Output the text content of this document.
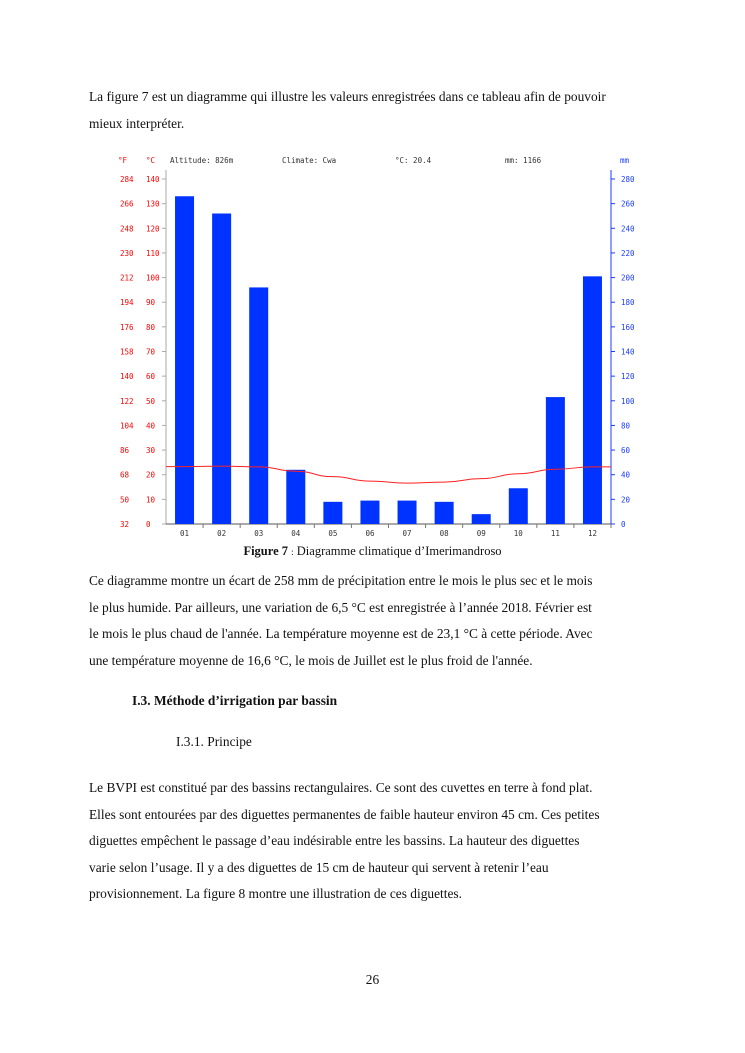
La figure 7 est un diagramme qui illustre les valeurs enregistrées dans ce tableau afin de pouvoir
mieux interpréter.
°F	°C	mm
Altitude: 826m	Climate: Cwa	°C: 20.4	mm: 1166
0
32
10
50
20
68
30
86
40
104
50
122
60
140
70
158
80
176
90
194
100
212
110
230
120
248
130
266
140
284
0
20
40
60
80
100
120
140
160
180
200
220
240
260
280
01	02	03	04	05	06	07	08	09	10	11	12
Figure 7 : Diagramme climatique d’Imerimandroso
Ce diagramme montre un écart de 258 mm de précipitation entre le mois le plus sec et le mois
le plus humide. Par ailleurs, une variation de 6,5 °C est enregistrée à l’année 2018. Février est
le mois le plus chaud de l'année. La température moyenne est de 23,1 °C à cette période. Avec
une température moyenne de 16,6 °C, le mois de Juillet est le plus froid de l'année.

I.3. Méthode d’irrigation par bassin

I.3.1. Principe

Le BVPI est constitué par des bassins rectangulaires. Ce sont des cuvettes en terre à fond plat.
Elles sont entourées par des diguettes permanentes de faible hauteur environ 45 cm. Ces petites
diguettes empêchent le passage d’eau indésirable entre les bassins. La hauteur des diguettes
varie selon l’usage. Il y a des diguettes de 15 cm de hauteur qui servent à retenir l’eau
provisionnement. La figure 8 montre une illustration de ces diguettes.
26
